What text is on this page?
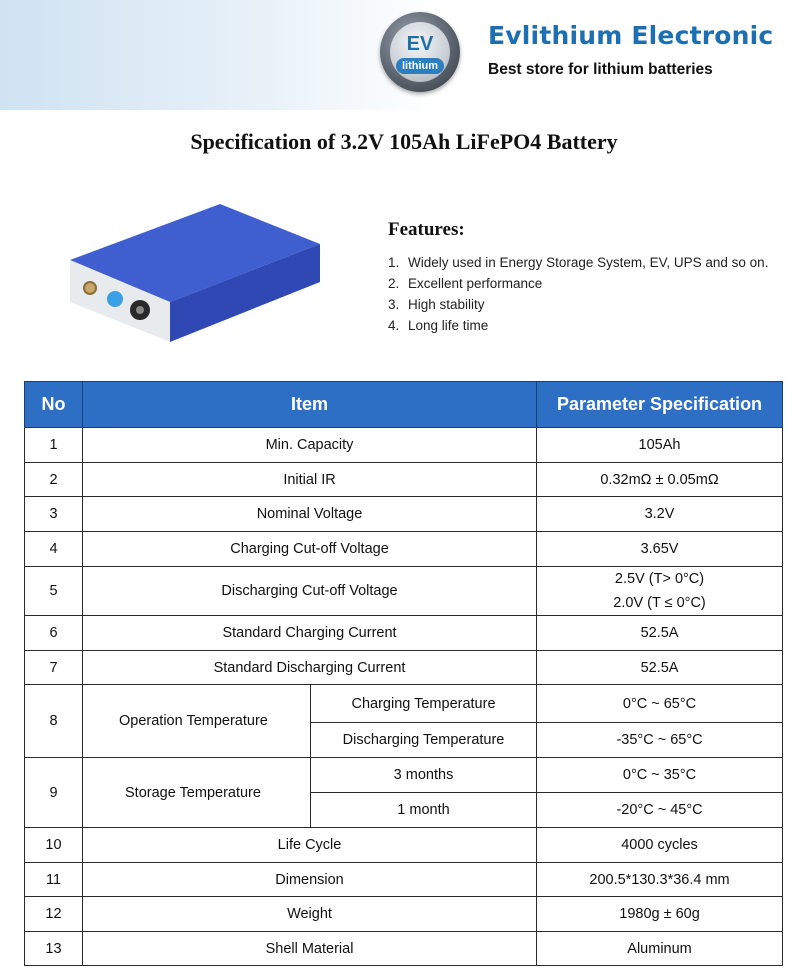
EV
lithium
Evlithium Electronic
Best store for lithium batteries
Specification of 3.2V 105Ah LiFePO4 Battery
Features:
1. Widely used in Energy Storage System, EV, UPS and so on.
2. Excellent performance
3. High stability
4. Long life time
No	Item		Parameter Specification
1	Min. Capacity		105Ah
2	Initial IR		0.32mΩ ± 0.05mΩ
3	Nominal Voltage		3.2V
4	Charging Cut-off Voltage		3.65V
5	Discharging Cut-off Voltage		2.5V (T> 0°C)
2.0V (T ≤ 0°C)

6	Standard Charging Current		52.5A
7	Standard Discharging Current		52.5A
8	Operation Temperature	Charging Temperature	0°C ~ 65°C
		Discharging Temperature	-35°C ~ 65°C
9	Storage Temperature	3 months	0°C ~ 35°C
		1 month	-20°C ~ 45°C
10	Life Cycle		4000 cycles
11	Dimension		200.5*130.3*36.4 mm
12	Weight		1980g ± 60g
13	Shell Material		Aluminum
